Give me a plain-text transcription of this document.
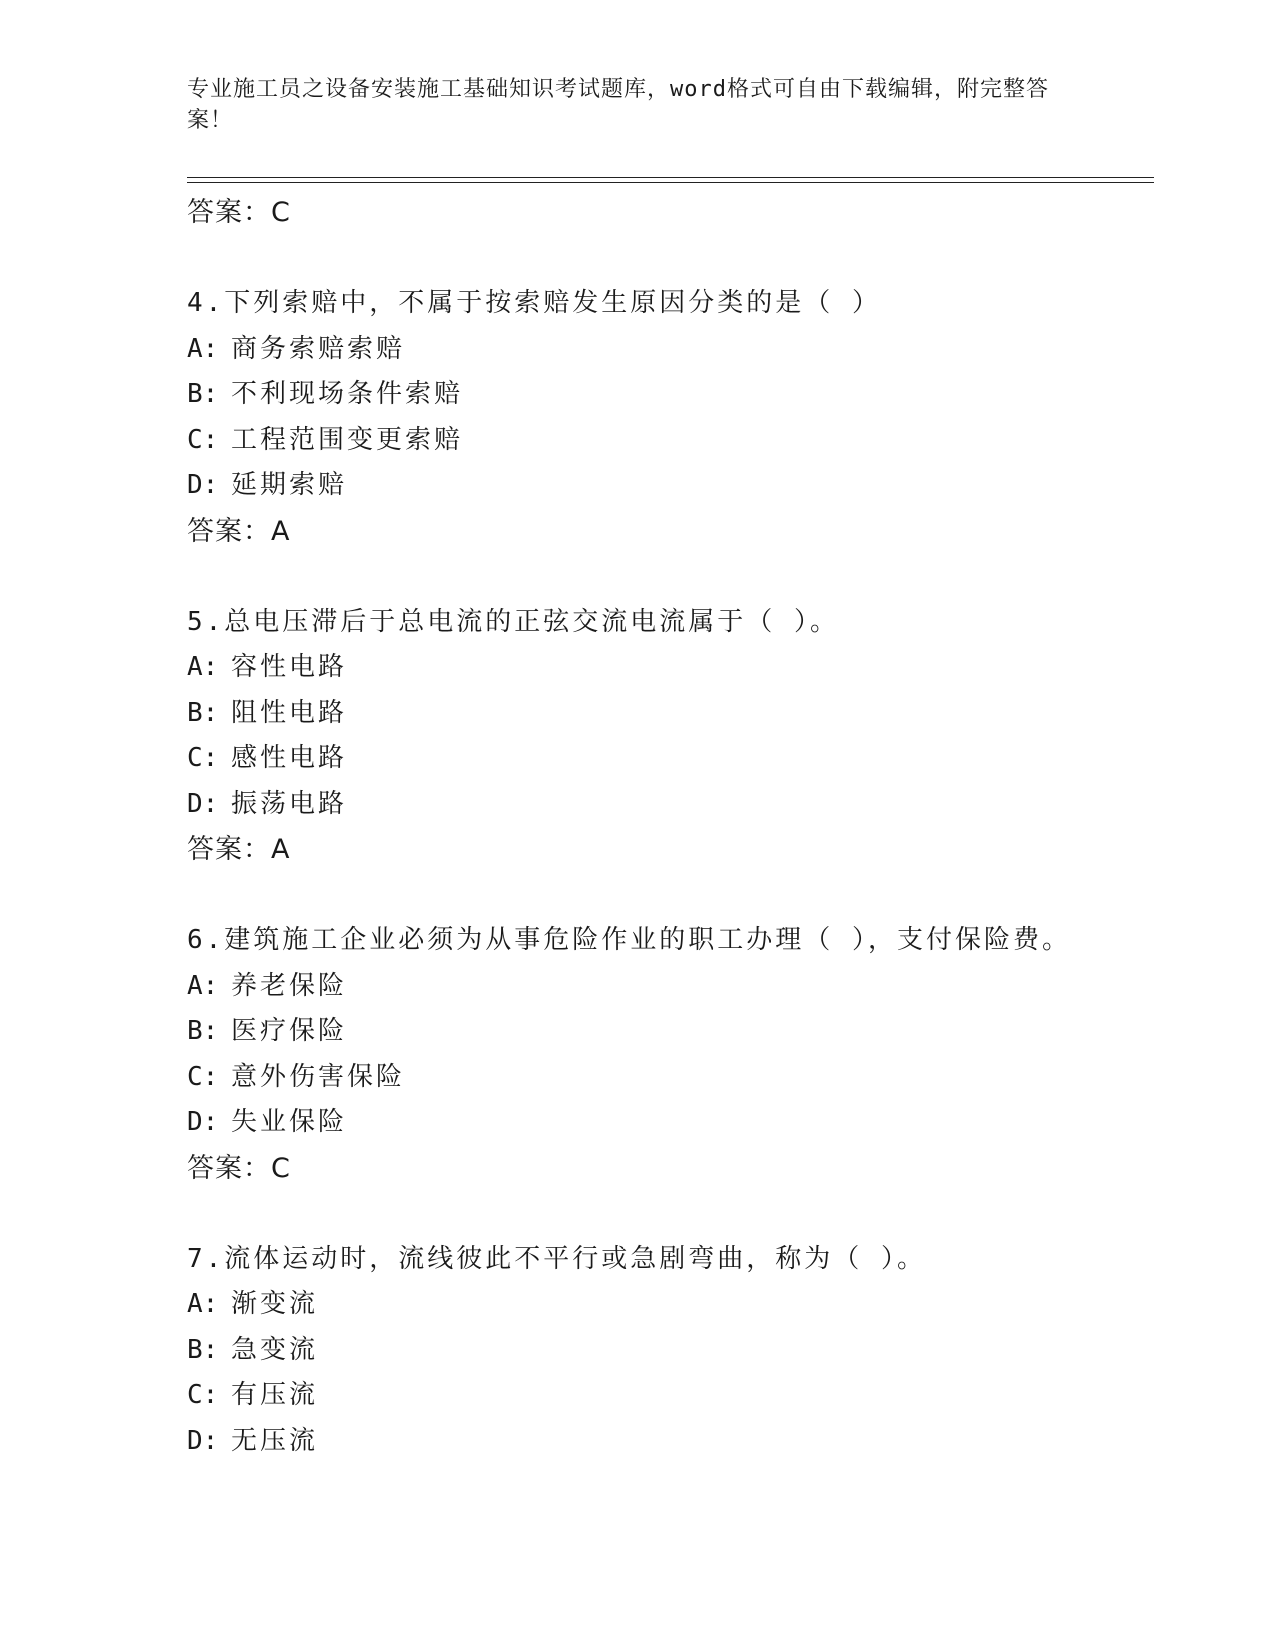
专业施工员之设备安装施工基础知识考试题库，word格式可自由下载编辑，附完整答案！
答案：C
4.下列索赔中，不属于按索赔发生原因分类的是（ ）
A: 商务索赔索赔
B: 不利现场条件索赔
C: 工程范围变更索赔
D: 延期索赔
答案：A
5.总电压滞后于总电流的正弦交流电流属于（ ）。
A: 容性电路
B: 阻性电路
C: 感性电路
D: 振荡电路
答案：A
6.建筑施工企业必须为从事危险作业的职工办理（ ），支付保险费。
A: 养老保险
B: 医疗保险
C: 意外伤害保险
D: 失业保险
答案：C
7.流体运动时，流线彼此不平行或急剧弯曲，称为（ ）。
A: 渐变流
B: 急变流
C: 有压流
D: 无压流
